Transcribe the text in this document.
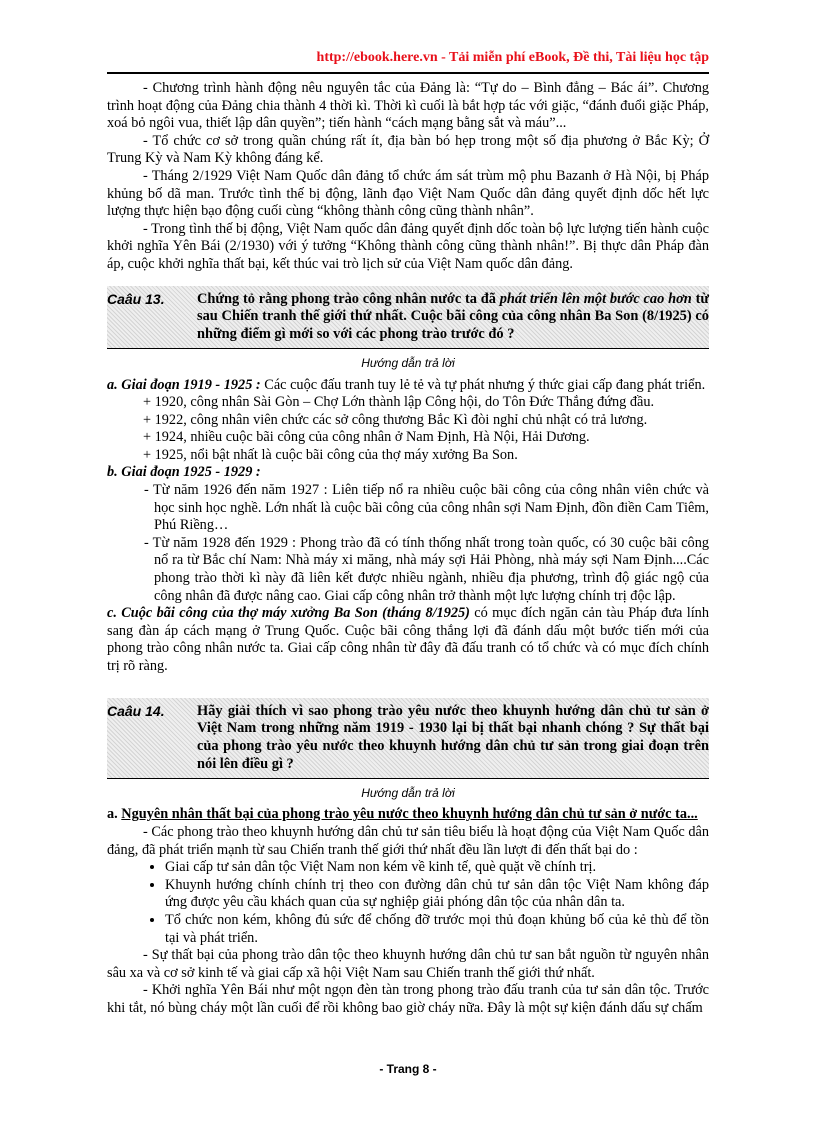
http://ebook.here.vn - Tải miễn phí eBook, Đề thi, Tài liệu học tập

- Chương trình hành động nêu nguyên tắc của Đảng là: “Tự do – Bình đẳng – Bác ái”. Chương trình hoạt động của Đảng chia thành 4 thời kì. Thời kì cuối là bắt hợp tác với giặc, “đánh đuổi giặc Pháp, xoá bỏ ngôi vua, thiết lập dân quyền”; tiến hành “cách mạng bằng sắt và máu”...

- Tổ chức cơ sở trong quần chúng rất ít, địa bàn bó hẹp trong một số địa phương ở Bắc Kỳ; Ở Trung Kỳ và Nam Kỳ không đáng kể.

- Tháng 2/1929 Việt Nam Quốc dân đảng tổ chức ám sát trùm mộ phu Bazanh ở Hà Nội, bị Pháp khủng bố dã man. Trước tình thế bị động, lãnh đạo Việt Nam Quốc dân đảng quyết định dốc hết lực lượng thực hiện bạo động cuối cùng “không thành công cũng thành nhân”.

- Trong tình thế bị động, Việt Nam quốc dân đảng quyết định dốc toàn bộ lực lượng tiến hành cuộc khởi nghĩa Yên Bái (2/1930) với ý tưởng “Không thành công cũng thành nhân!”. Bị thực dân Pháp đàn áp, cuộc khởi nghĩa thất bại, kết thúc vai trò lịch sử của Việt Nam quốc dân đảng.

Caâu 13. Chứng tỏ rằng phong trào công nhân nước ta đã phát triển lên một bước cao hơn từ sau Chiến tranh thế giới thứ nhất. Cuộc bãi công của công nhân Ba Son (8/1925) có những điểm gì mới so với các phong trào trước đó ?
Hướng dẫn trả lời

a. Giai đoạn 1919 - 1925 : Các cuộc đấu tranh tuy lẻ tẻ và tự phát nhưng ý thức giai cấp đang phát triển.

+ 1920, công nhân Sài Gòn – Chợ Lớn thành lập Công hội, do Tôn Đức Thắng đứng đầu.

+ 1922, công nhân viên chức các sở công thương Bắc Kì đòi nghỉ chủ nhật có trả lương.

+ 1924, nhiều cuộc bãi công của công nhân ở Nam Định, Hà Nội, Hải Dương.

+ 1925, nổi bật nhất là cuộc bãi công của thợ máy xưởng Ba Son.

b. Giai đoạn 1925 - 1929 :

- Từ năm 1926 đến năm 1927 : Liên tiếp nổ ra nhiều cuộc bãi công của công nhân viên chức và học sinh học nghề. Lớn nhất là cuộc bãi công của công nhân sợi Nam Định, đồn điền Cam Tiêm, Phú Riềng…

- Từ năm 1928 đến 1929 : Phong trào đã có tính thống nhất trong toàn quốc, có 30 cuộc bãi công nổ ra từ Bắc chí Nam: Nhà máy xi măng, nhà máy sợi Hải Phòng, nhà máy sợi Nam Định....Các phong trào thời kì này đã liên kết được nhiều ngành, nhiều địa phương, trình độ giác ngộ của công nhân đã được nâng cao. Giai cấp công nhân trở thành một lực lượng chính trị độc lập.

c. Cuộc bãi công của thợ máy xưởng Ba Son (tháng 8/1925) có mục đích ngăn cản tàu Pháp đưa lính sang đàn áp cách mạng ở Trung Quốc. Cuộc bãi công thắng lợi đã đánh dấu một bước tiến mới của phong trào công nhân nước ta. Giai cấp công nhân từ đây đã đấu tranh có tổ chức và có mục đích chính trị rõ ràng.

Caâu 14. Hãy giải thích vì sao phong trào yêu nước theo khuynh hướng dân chủ tư sản ở Việt Nam trong những năm 1919 - 1930 lại bị thất bại nhanh chóng ? Sự thất bại của phong trào yêu nước theo khuynh hướng dân chủ tư sản trong giai đoạn trên nói lên điều gì ?
Hướng dẫn trả lời

a. Nguyên nhân thất bại của phong trào yêu nước theo khuynh hướng dân chủ tư sản ở nước ta...

- Các phong trào theo khuynh hướng dân chủ tư sản tiêu biểu là hoạt động của Việt Nam Quốc dân đảng, đã phát triển mạnh từ sau Chiến tranh thế giới thứ nhất đều lần lượt đi đến thất bại do :

• Giai cấp tư sản dân tộc Việt Nam non kém về kinh tế, què quặt về chính trị.
• Khuynh hướng chính chính trị theo con đường dân chủ tư sản dân tộc Việt Nam không đáp ứng được yêu cầu khách quan của sự nghiệp giải phóng dân tộc của nhân dân ta.
• Tổ chức non kém, không đủ sức để chống đỡ trước mọi thủ đoạn khủng bố của kẻ thù để tồn tại và phát triển.

- Sự thất bại của phong trào dân tộc theo khuynh hướng dân chủ tư san bắt nguồn từ nguyên nhân sâu xa và cơ sở kinh tế và giai cấp xã hội Việt Nam sau Chiến tranh thế giới thứ nhất.

- Khởi nghĩa Yên Bái như một ngọn đèn tàn trong phong trào đấu tranh của tư sản dân tộc. Trước khi tắt, nó bùng cháy một lần cuối để rồi không bao giờ cháy nữa. Đây là một sự kiện đánh dấu sự chấm

- Trang 8 -
